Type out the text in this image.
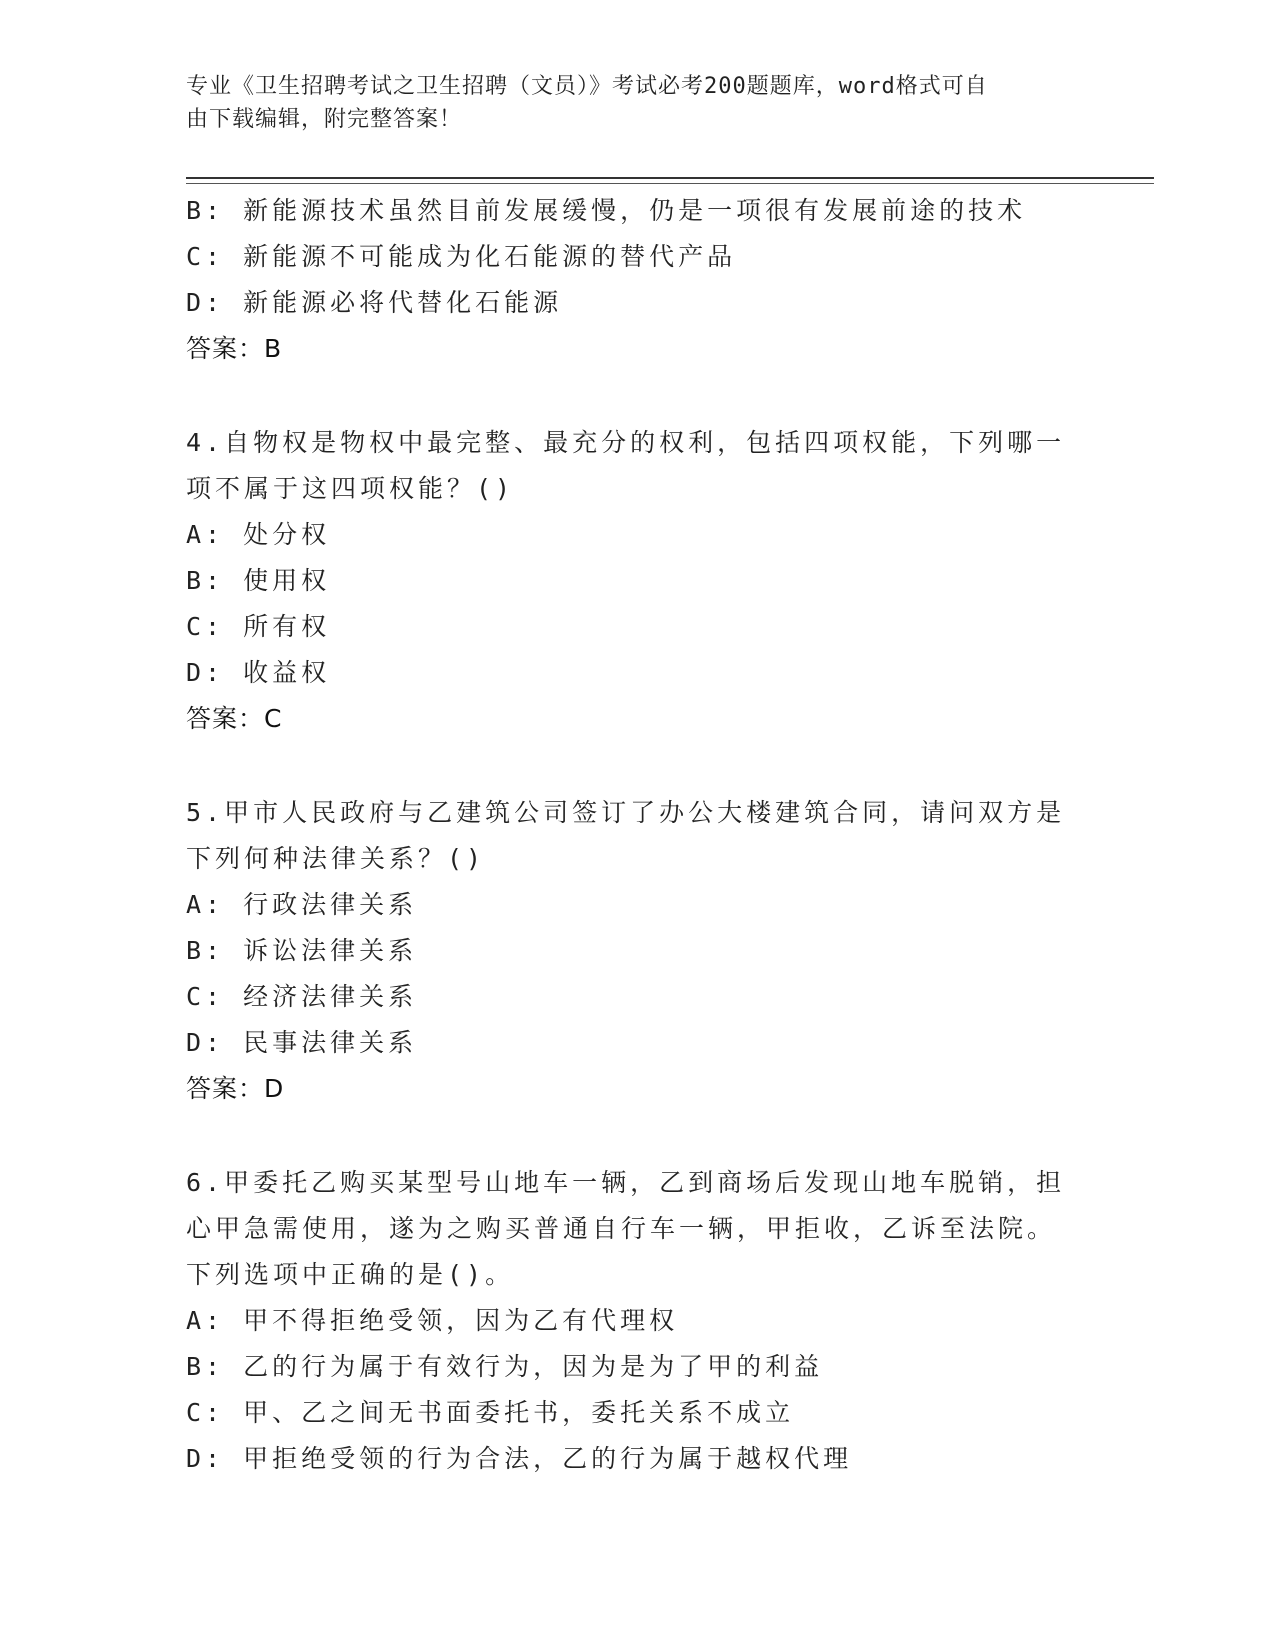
专业《卫生招聘考试之卫生招聘（文员）》考试必考200题题库，word格式可自
由下载编辑，附完整答案！
B: 新能源技术虽然目前发展缓慢，仍是一项很有发展前途的技术
C: 新能源不可能成为化石能源的替代产品
D: 新能源必将代替化石能源
答案：B
4.自物权是物权中最完整、最充分的权利，包括四项权能，下列哪一
项不属于这四项权能？()
A: 处分权
B: 使用权
C: 所有权
D: 收益权
答案：C
5.甲市人民政府与乙建筑公司签订了办公大楼建筑合同，请问双方是
下列何种法律关系？()
A: 行政法律关系
B: 诉讼法律关系
C: 经济法律关系
D: 民事法律关系
答案：D
6.甲委托乙购买某型号山地车一辆，乙到商场后发现山地车脱销，担
心甲急需使用，遂为之购买普通自行车一辆，甲拒收，乙诉至法院。
下列选项中正确的是()。
A: 甲不得拒绝受领，因为乙有代理权
B: 乙的行为属于有效行为，因为是为了甲的利益
C: 甲、乙之间无书面委托书，委托关系不成立
D: 甲拒绝受领的行为合法，乙的行为属于越权代理
